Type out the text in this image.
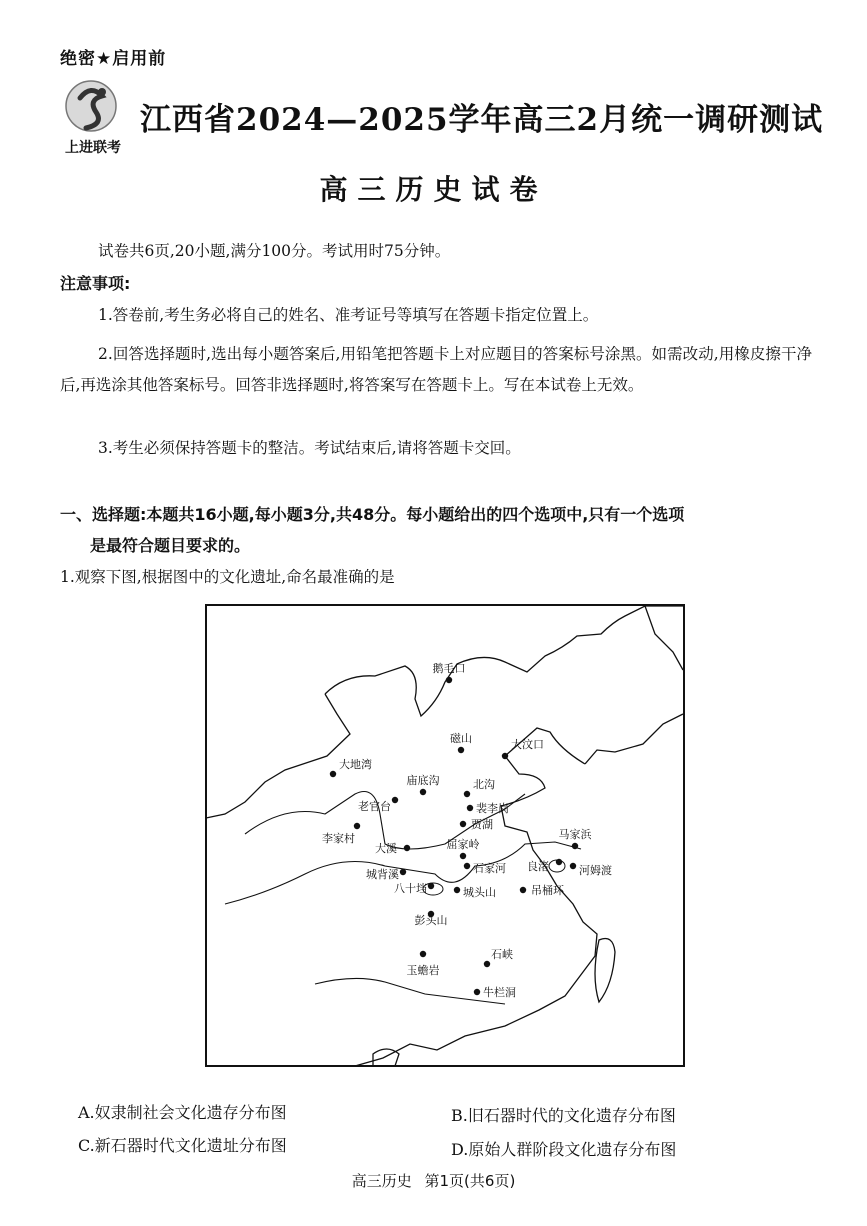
绝密★启用前
上进联考
江西省2024—2025学年高三2月统一调研测试
高三历史试卷
试卷共6页,20小题,满分100分。考试用时75分钟。
注意事项:
1.答卷前,考生务必将自己的姓名、准考证号等填写在答题卡指定位置上。
2.回答选择题时,选出每小题答案后,用铅笔把答题卡上对应题目的答案标号涂黑。如需改动,用橡皮擦干净后,再选涂其他答案标号。回答非选择题时,将答案写在答题卡上。写在本试卷上无效。
3.考生必须保持答题卡的整洁。考试结束后,请将答题卡交回。
一、选择题:本题共16小题,每小题3分,共48分。每小题给出的四个选项中,只有一个选项
是最符合题目要求的。
1.观察下图,根据图中的文化遗址,命名最准确的是
鹅毛口
磁山	大汶口
大地湾
庙底沟	北沟
老官台	裴李岗
贾湖
李家村
大溪	屈家岭
马家浜
城背溪	石家河 良渚	河姆渡
八十垱	城头山	吊桶环
彭头山
石峡
玉蟾岩
牛栏洞
A.奴隶制社会文化遗存分布图	B.旧石器时代的文化遗存分布图
C.新石器时代文化遗址分布图	D.原始人群阶段文化遗存分布图
高三历史 第1页(共6页)
